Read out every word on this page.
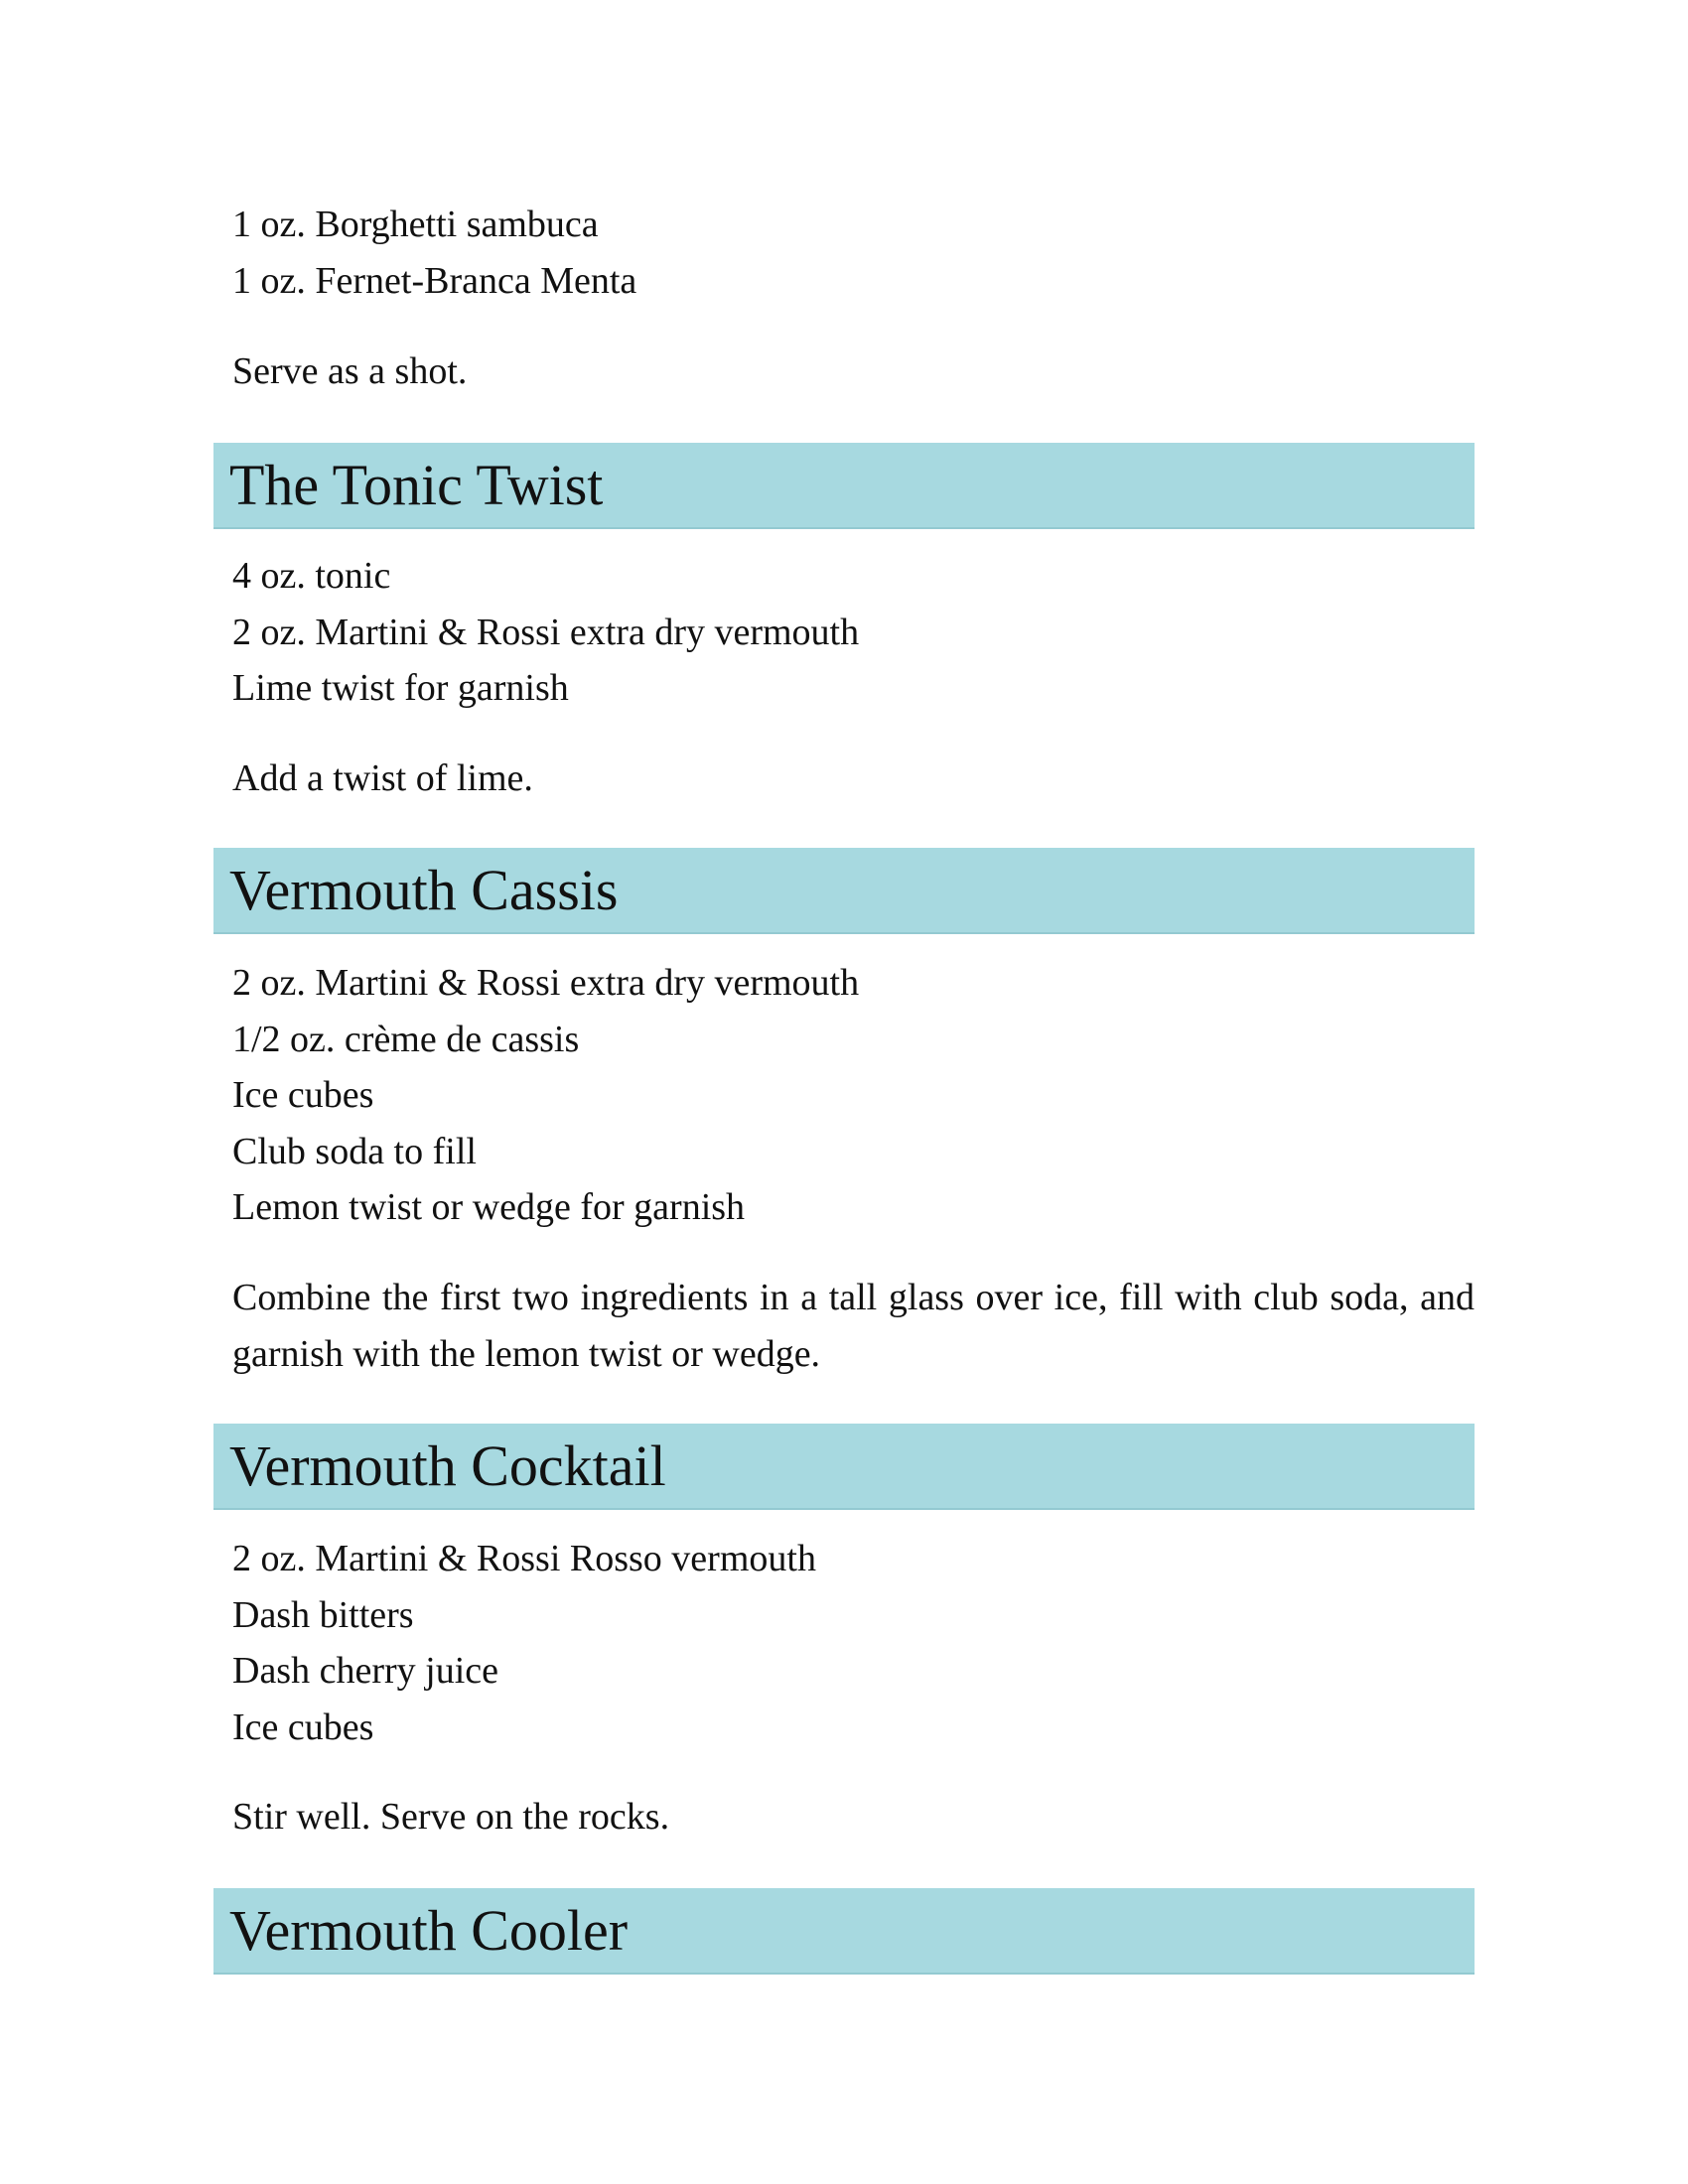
1 oz. Borghetti sambuca

1 oz. Fernet-Branca Menta

Serve as a shot.

The Tonic Twist

4 oz. tonic

2 oz. Martini & Rossi extra dry vermouth

Lime twist for garnish

Add a twist of lime.

Vermouth Cassis

2 oz. Martini & Rossi extra dry vermouth

1/2 oz. crème de cassis

Ice cubes

Club soda to fill

Lemon twist or wedge for garnish

Combine the first two ingredients in a tall glass over ice, fill with club soda, and garnish with the lemon twist or wedge.

Vermouth Cocktail

2 oz. Martini & Rossi Rosso vermouth

Dash bitters

Dash cherry juice

Ice cubes

Stir well. Serve on the rocks.

Vermouth Cooler
